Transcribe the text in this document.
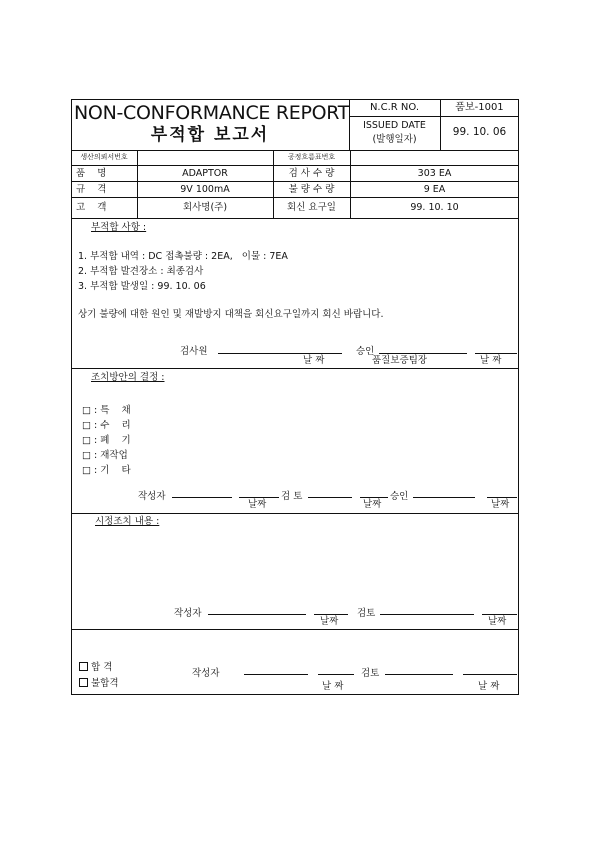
NON-CONFORMANCE REPORT
부적합 보고서
N.C.R NO.	품보-1001
ISSUED DATE
(발행일자)
99. 10. 06
생산의뢰서번호	공정흐름표번호
품    명	ADAPTOR	검 사 수 량	303 EA
규    격	9V 100mA	불 량 수 량	9 EA
고    객	회사명(주)	회신 요구일	99. 10. 10
부적합 사항 :
1. 부적합 내역 : DC 접촉불량 : 2EA,   이물 : 7EA
2. 부적합 발견장소 : 최종검사
3. 부적합 발생일 : 99. 10. 06
상기 불량에 대한 원인 및 재발방지 대책을 회신요구일까지 회신 바랍니다.
검사원
날 짜
승인
품질보증팀장	날 짜
조치방안의 결정 :
□ : 특    채
□ : 수    리
□ : 폐    기
□ : 재작업
□ : 기    타
작성자
날짜
검 토
날짜
승인
날짜
시정조치 내용 :
작성자
날짜
검토
날짜
합 격
불합격
작성자
날 짜
검토
날 짜
